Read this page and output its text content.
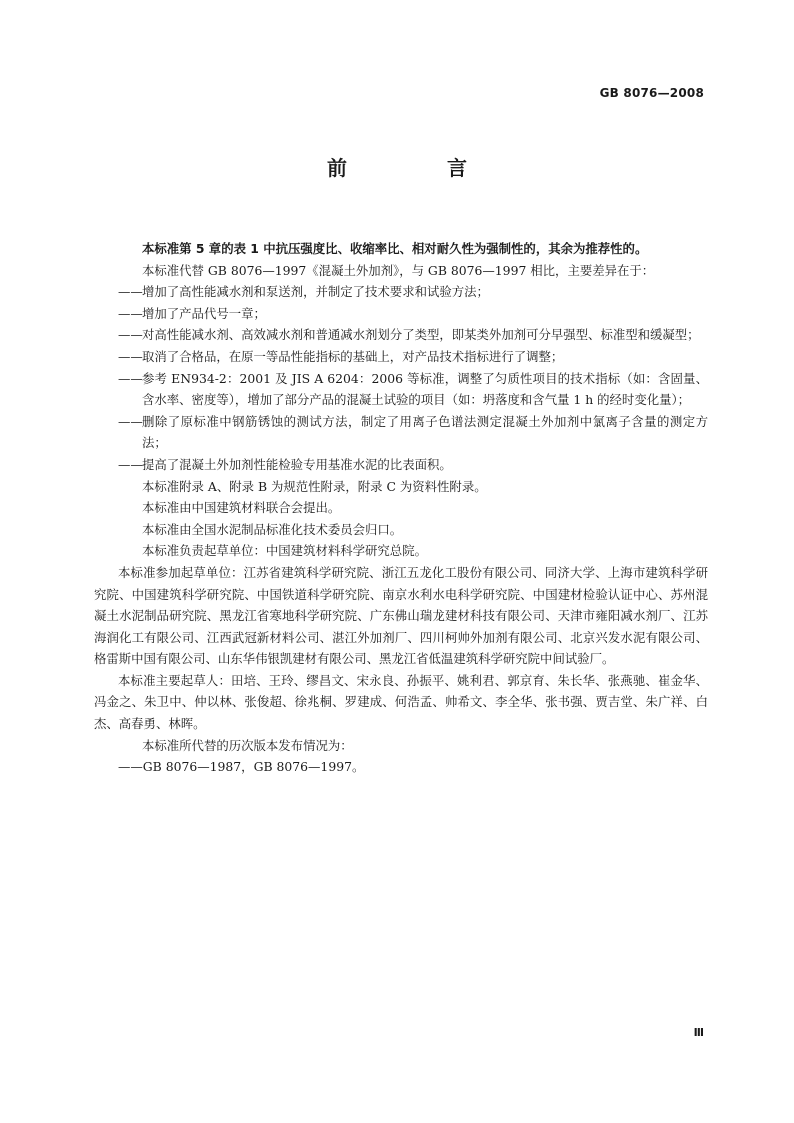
GB 8076—2008
前　言

本标准第 5 章的表 1 中抗压强度比、收缩率比、相对耐久性为强制性的，其余为推荐性的。

本标准代替 GB 8076—1997《混凝土外加剂》，与 GB 8076—1997 相比，主要差异在于：

—— 增加了高性能减水剂和泵送剂，并制定了技术要求和试验方法；

—— 增加了产品代号一章；

—— 对高性能减水剂、高效减水剂和普通减水剂划分了类型，即某类外加剂可分早强型、标准型和缓凝型；

—— 取消了合格品，在原一等品性能指标的基础上，对产品技术指标进行了调整；

—— 参考 EN934-2：2001 及 JIS A 6204：2006 等标准，调整了匀质性项目的技术指标（如：含固量、含水率、密度等），增加了部分产品的混凝土试验的项目（如：坍落度和含气量 1 h 的经时变化量）；

—— 删除了原标准中钢筋锈蚀的测试方法，制定了用离子色谱法测定混凝土外加剂中氯离子含量的测定方法；

—— 提高了混凝土外加剂性能检验专用基准水泥的比表面积。

本标准附录 A、附录 B 为规范性附录，附录 C 为资料性附录。

本标准由中国建筑材料联合会提出。

本标准由全国水泥制品标准化技术委员会归口。

本标准负责起草单位：中国建筑材料科学研究总院。

本标准参加起草单位：江苏省建筑科学研究院、浙江五龙化工股份有限公司、同济大学、上海市建筑科学研究院、中国建筑科学研究院、中国铁道科学研究院、南京水利水电科学研究院、中国建材检验认证中心、苏州混凝土水泥制品研究院、黑龙江省寒地科学研究院、广东佛山瑞龙建材科技有限公司、天津市雍阳减水剂厂、江苏海润化工有限公司、江西武冠新材料公司、湛江外加剂厂、四川柯帅外加剂有限公司、北京兴发水泥有限公司、格雷斯中国有限公司、山东华伟银凯建材有限公司、黑龙江省低温建筑科学研究院中间试验厂。

本标准主要起草人：田培、王玲、缪昌文、宋永良、孙振平、姚利君、郭京育、朱长华、张燕驰、崔金华、冯金之、朱卫中、仲以林、张俊超、徐兆桐、罗建成、何浩孟、帅希文、李全华、张书强、贾吉堂、朱广祥、白杰、高春勇、林晖。

本标准所代替的历次版本发布情况为：

——GB 8076—1987，GB 8076—1997。

Ⅲ
